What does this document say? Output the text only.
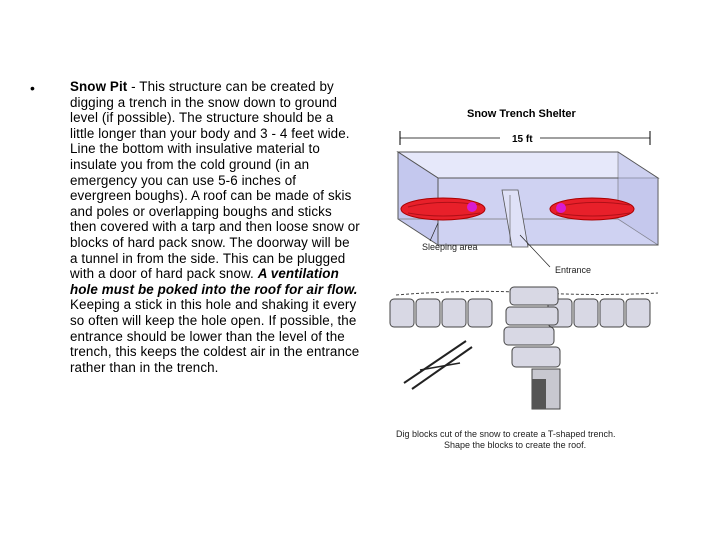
•	Snow Pit - This structure can be created by digging a trench in the snow down to ground level (if possible). The structure should be a little longer than your body and 3 - 4 feet wide. Line the bottom with insulative material to insulate you from the cold ground (in an emergency you can use 5-6 inches of evergreen boughs). A roof can be made of skis and poles or overlapping boughs and sticks then covered with a tarp and then loose snow or blocks of hard pack snow. The doorway will be a tunnel in from the side. This can be plugged with a door of hard pack snow. A ventilation hole must be poked into the roof for air flow. Keeping a stick in this hole and shaking it every so often will keep the hole open. If possible, the entrance should be lower than the level of the trench, this keeps the coldest air in the entrance rather than in the trench.
Snow Trench Shelter
15 ft
Sleeping area
Entrance
Dig blocks cut of the snow to create a T-shaped trench.
Shape the blocks to create the roof.
